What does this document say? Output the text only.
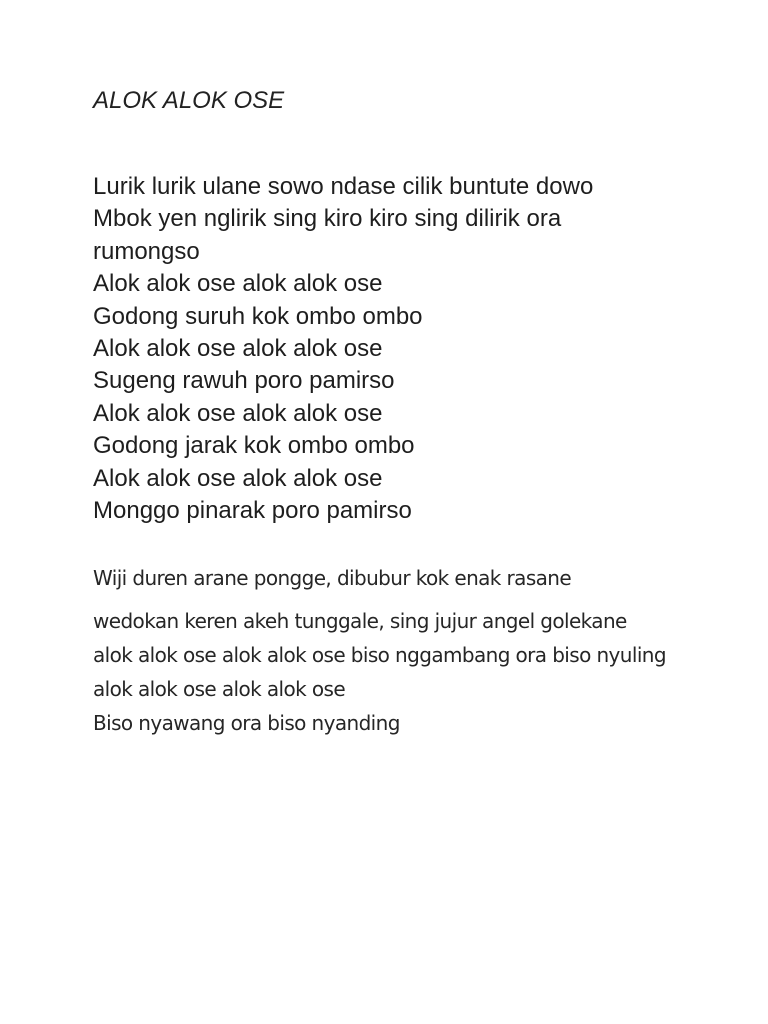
ALOK ALOK OSE
Lurik lurik ulane sowo ndase cilik buntute dowo
Mbok yen nglirik sing kiro kiro sing dilirik ora rumongso
Alok alok ose alok alok ose
Godong suruh kok ombo ombo
Alok alok ose alok alok ose
Sugeng rawuh poro pamirso
Alok alok ose alok alok ose
Godong jarak kok ombo ombo
Alok alok ose alok alok ose
Monggo pinarak poro pamirso
Wiji duren arane pongge, dibubur kok enak rasane
wedokan keren akeh tunggale, sing jujur angel golekane
alok alok ose alok alok ose biso nggambang ora biso nyuling
alok alok ose alok alok ose
Biso nyawang ora biso nyanding
